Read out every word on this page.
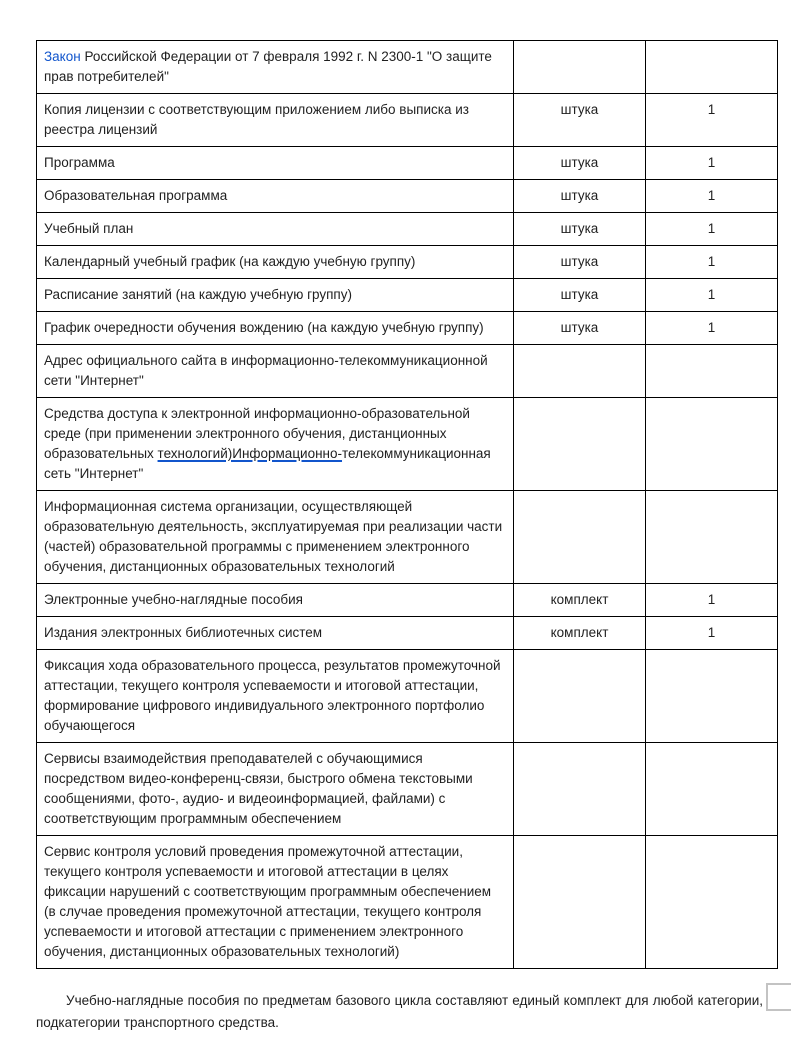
Закон Российской Федерации от 7 февраля 1992 г. N 2300-1 "О защите прав потребителей"		
Копия лицензии с соответствующим приложением либо выписка из реестра лицензий	штука	1
Программа	штука	1
Образовательная программа	штука	1
Учебный план	штука	1
Календарный учебный график (на каждую учебную группу)	штука	1
Расписание занятий (на каждую учебную группу)	штука	1
График очередности обучения вождению (на каждую учебную группу)	штука	1
Адрес официального сайта в информационно-телекоммуникационной сети "Интернет"		
Средства доступа к электронной информационно-образовательной среде (при применении электронного обучения, дистанционных образовательных технологий)Информационно-телекоммуникационная сеть "Интернет"		
Информационная система организации, осуществляющей образовательную деятельность, эксплуатируемая при реализации части (частей) образовательной программы с применением электронного обучения, дистанционных образовательных технологий		
Электронные учебно-наглядные пособия	комплект	1
Издания электронных библиотечных систем	комплект	1
Фиксация хода образовательного процесса, результатов промежуточной аттестации, текущего контроля успеваемости и итоговой аттестации, формирование цифрового индивидуального электронного портфолио обучающегося		
Сервисы взаимодействия преподавателей с обучающимися посредством видео-конференц-связи, быстрого обмена текстовыми сообщениями, фото-, аудио- и видеоинформацией, файлами) с соответствующим программным обеспечением		
Сервис контроля условий проведения промежуточной аттестации, текущего контроля успеваемости и итоговой аттестации в целях фиксации нарушений с соответствующим программным обеспечением (в случае проведения промежуточной аттестации, текущего контроля успеваемости и итоговой аттестации с применением электронного обучения, дистанционных образовательных технологий)		

Учебно-наглядные пособия по предметам базового цикла составляют единый комплект для любой категории, подкатегории транспортного средства.
